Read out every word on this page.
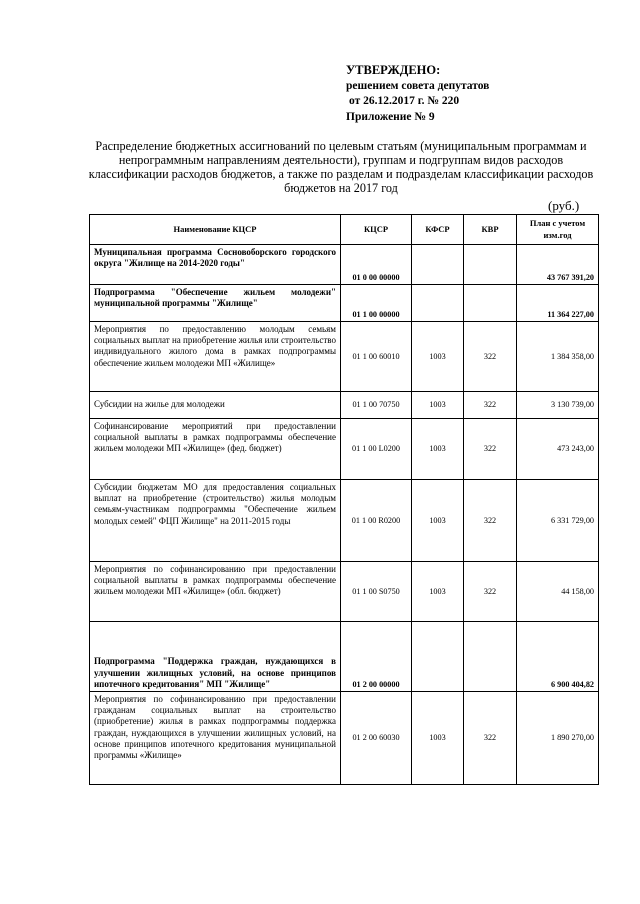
УТВЕРЖДЕНО:
решением совета депутатов
от 26.12.2017 г. № 220
Приложение № 9
Распределение бюджетных ассигнований по целевым статьям (муниципальным программам и непрограммным направлениям деятельности), группам и подгруппам видов расходов классификации расходов бюджетов, а также по разделам и подразделам классификации расходов бюджетов на 2017 год
(руб.)
Наименование КЦСР	КЦСР	КФСР	КВР	План с учетом изм.год
Муниципальная программа Сосновоборского городского округа "Жилище на 2014-2020 годы"	01 0 00 00000			43 767 391,20
Подпрограмма "Обеспечение жильем молодежи" муниципальной программы "Жилище"	01 1 00 00000			11 364 227,00
Мероприятия по предоставлению молодым семьям социальных выплат на приобретение жилья или строительство индивидуального жилого дома в рамках подпрограммы обеспечение жильем молодежи МП «Жилище»	01 1 00 60010	1003	322	1 384 358,00
Субсидии на жилье для молодежи	01 1 00 70750	1003	322	3 130 739,00
Софинансирование мероприятий при предоставлении социальной выплаты в рамках подпрограммы обеспечение жильем молодежи МП «Жилище» (фед. бюджет)	01 1 00 L0200	1003	322	473 243,00
Субсидии бюджетам МО для предоставления социальных выплат на приобретение (строительство) жилья молодым семьям-участникам подпрограммы "Обеспечение жильем молодых семей" ФЦП Жилище" на 2011-2015 годы	01 1 00 R0200	1003	322	6 331 729,00
Мероприятия по софинансированию при предоставлении социальной выплаты в рамках подпрограммы обеспечение жильем молодежи МП «Жилище» (обл. бюджет)	01 1 00 S0750	1003	322	44 158,00
Подпрограмма "Поддержка граждан, нуждающихся в улучшении жилищных условий, на основе принципов ипотечного кредитования" МП "Жилище"	01 2 00 00000			6 900 404,82
Мероприятия по софинансированию при предоставлении гражданам социальных выплат на строительство (приобретение) жилья в рамках подпрограммы поддержка граждан, нуждающихся в улучшении жилищных условий, на основе принципов ипотечного кредитования муниципальной программы «Жилище»	01 2 00 60030	1003	322	1 890 270,00
